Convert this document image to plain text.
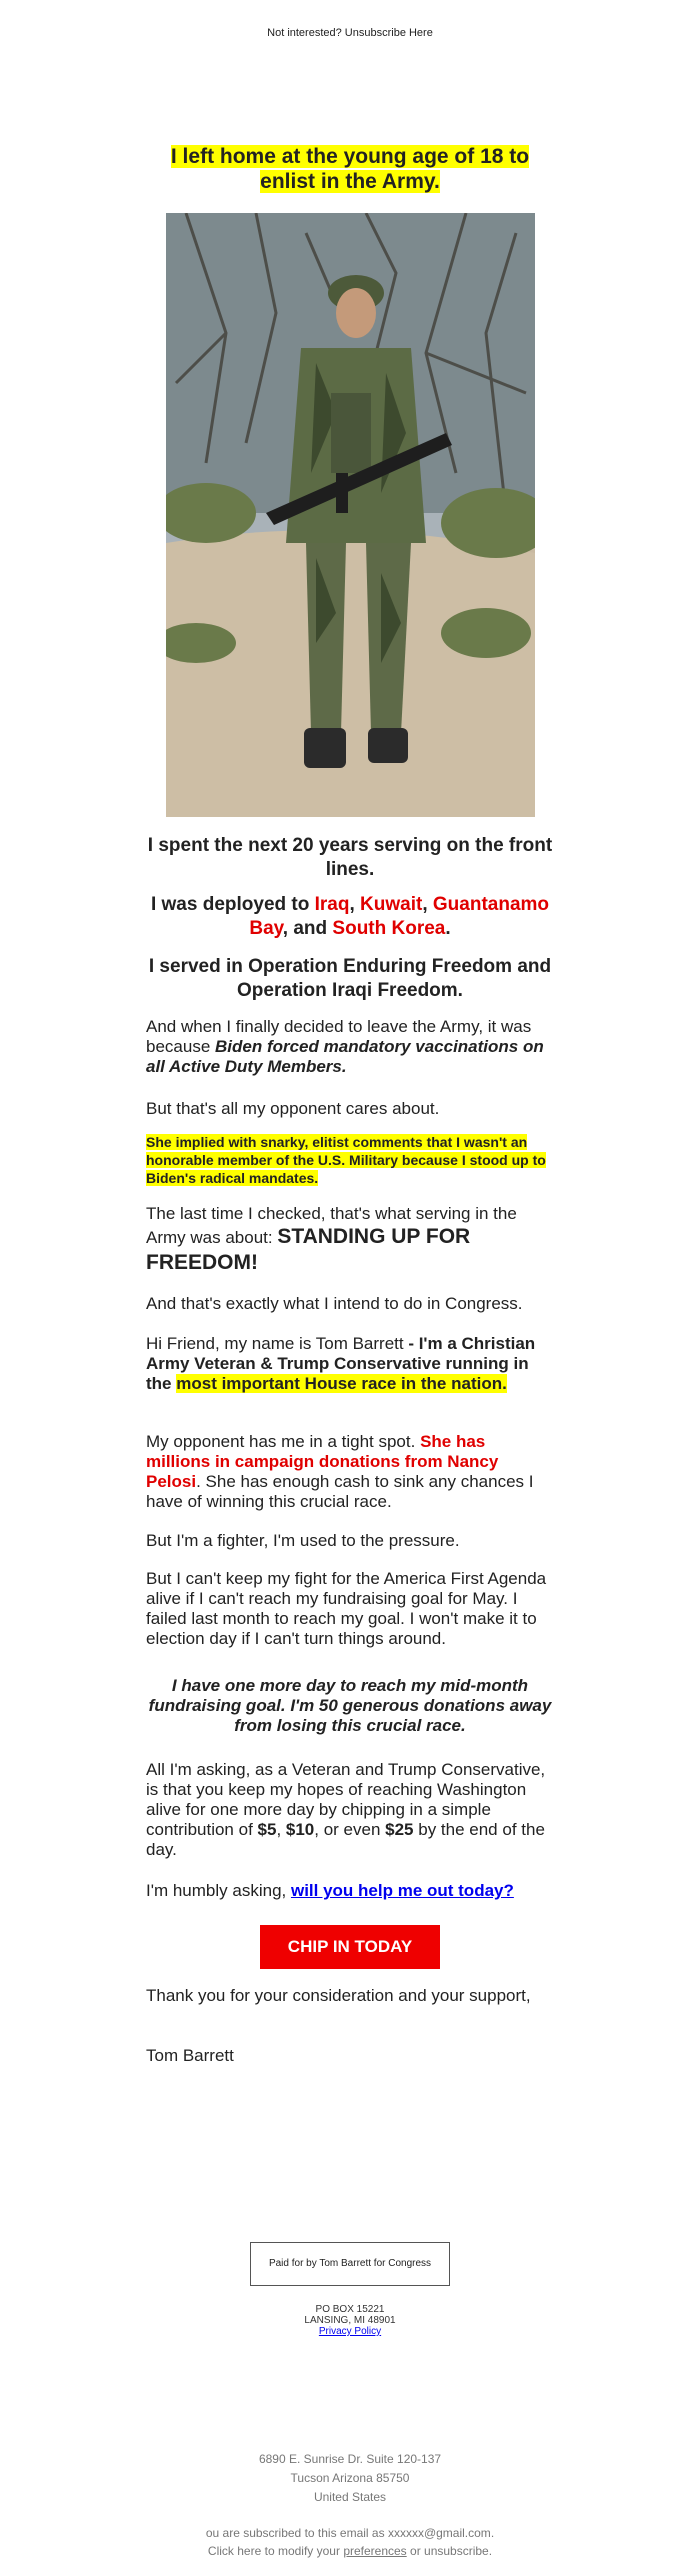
Not interested? Unsubscribe Here
I left home at the young age of 18 to enlist in the Army.
I spent the next 20 years serving on the front lines.
I was deployed to Iraq, Kuwait, Guantanamo Bay, and South Korea.
I served in Operation Enduring Freedom and Operation Iraqi Freedom.
And when I finally decided to leave the Army, it was because Biden forced mandatory vaccinations on all Active Duty Members.
But that's all my opponent cares about.
She implied with snarky, elitist comments that I wasn't an honorable member of the U.S. Military because I stood up to Biden's radical mandates.
The last time I checked, that's what serving in the Army was about: STANDING UP FOR FREEDOM!
And that's exactly what I intend to do in Congress.
Hi Friend, my name is Tom Barrett - I'm a Christian Army Veteran & Trump Conservative running in the most important House race in the nation.
My opponent has me in a tight spot. She has millions in campaign donations from Nancy Pelosi. She has enough cash to sink any chances I have of winning this crucial race.
But I'm a fighter, I'm used to the pressure.
But I can't keep my fight for the America First Agenda alive if I can't reach my fundraising goal for May. I failed last month to reach my goal. I won't make it to election day if I can't turn things around.
I have one more day to reach my mid-month fundraising goal. I'm 50 generous donations away from losing this crucial race.
All I'm asking, as a Veteran and Trump Conservative, is that you keep my hopes of reaching Washington alive for one more day by chipping in a simple contribution of $5, $10, or even $25 by the end of the day.
I'm humbly asking, will you help me out today?
CHIP IN TODAY
Thank you for your consideration and your support,
Tom Barrett
Paid for by Tom Barrett for Congress
PO BOX 15221
LANSING, MI 48901
Privacy Policy
6890 E. Sunrise Dr. Suite 120-137
Tucson Arizona 85750
United States
ou are subscribed to this email as xxxxxx@gmail.com.
Click here to modify your preferences or unsubscribe.
